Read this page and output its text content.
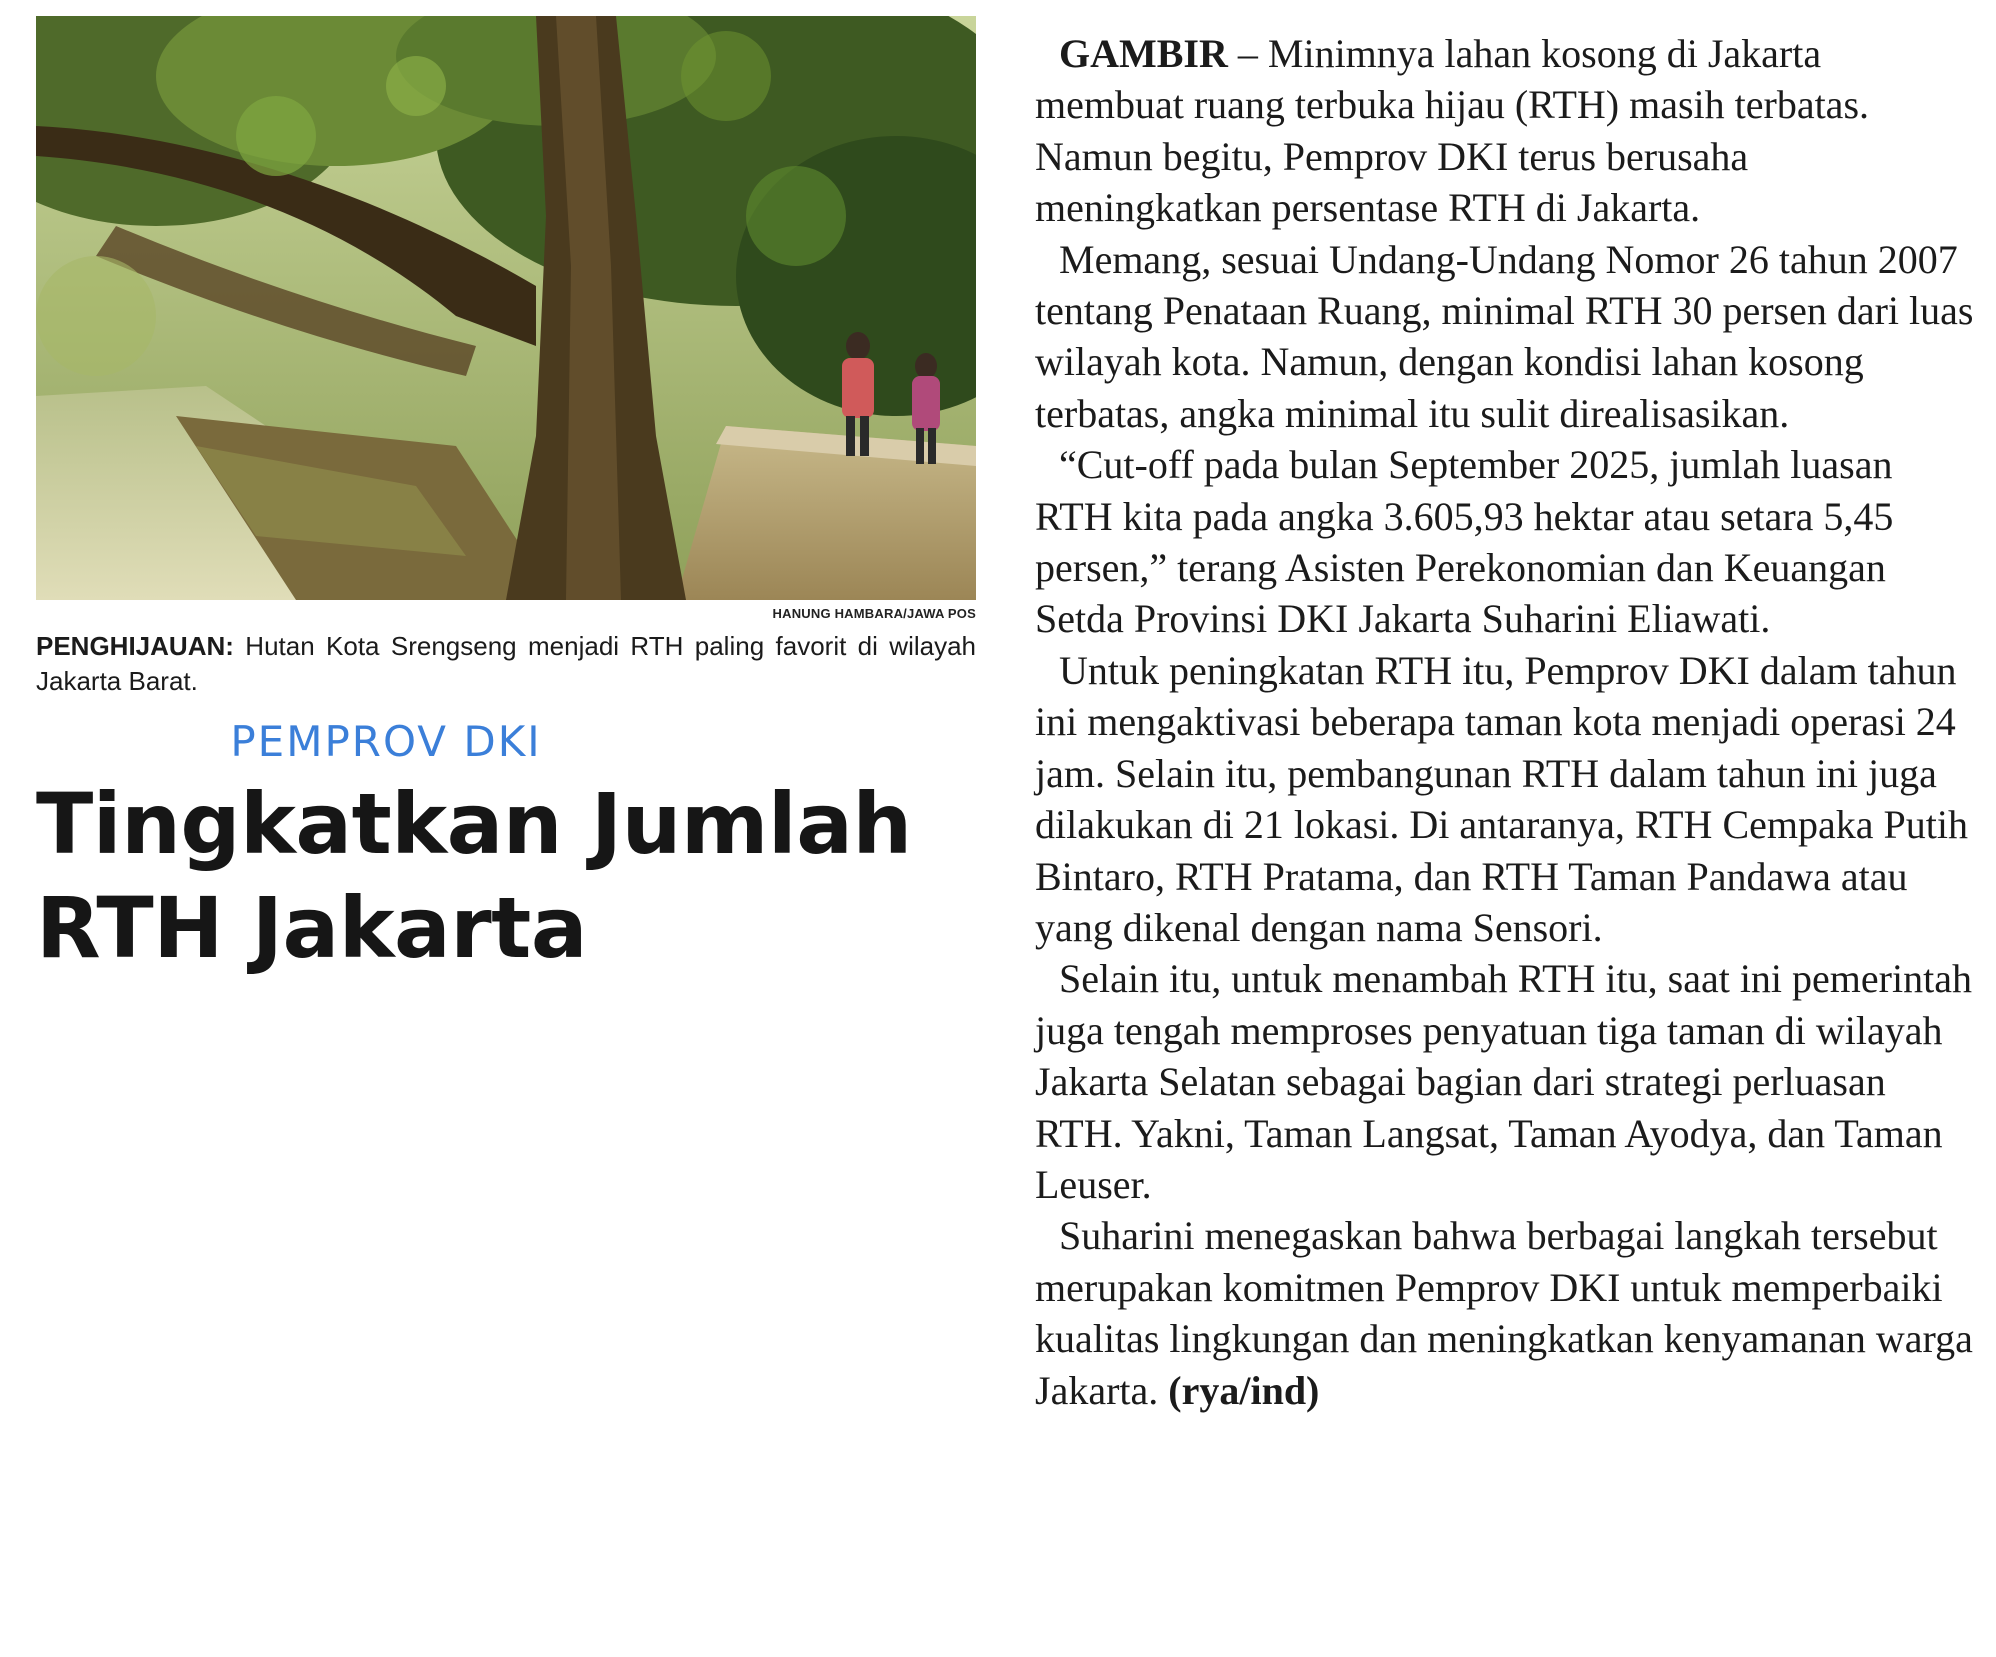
HANUNG HAMBARA/JAWA POS
PENGHIJAUAN: Hutan Kota Srengseng menjadi RTH paling favorit di wilayah Jakarta Barat.
PEMPROV DKI
Tingkatkan Jumlah
RTH Jakarta

GAMBIR – Minimnya lahan kosong di Jakarta membuat ruang terbuka hijau (RTH) masih terbatas. Namun begitu, Pemprov DKI terus berusaha meningkatkan persentase RTH di Jakarta.

Memang, sesuai Undang-Undang Nomor 26 tahun 2007 tentang Penataan Ruang, minimal RTH 30 persen dari luas wilayah kota. Namun, dengan kondisi lahan kosong terbatas, angka minimal itu sulit direalisasikan.

“Cut-off pada bulan September 2025, jumlah luasan RTH kita pada angka 3.605,93 hektar atau setara 5,45 persen,” terang Asisten Perekonomian dan Keuangan Setda Provinsi DKI Jakarta Suharini Eliawati.

Untuk peningkatan RTH itu, Pemprov DKI dalam tahun ini mengaktivasi beberapa taman kota menjadi operasi 24 jam. Selain itu, pembangunan RTH dalam tahun ini juga dilakukan di 21 lokasi. Di antaranya, RTH Cempaka Putih Bintaro, RTH Pratama, dan RTH Taman Pandawa atau yang dikenal dengan nama Sensori.

Selain itu, untuk menambah RTH itu, saat ini pemerintah juga tengah memproses penyatuan tiga taman di wilayah Jakarta Selatan sebagai bagian dari strategi perluasan RTH. Yakni, Taman Langsat, Taman Ayodya, dan Taman Leuser.

Suharini menegaskan bahwa berbagai langkah tersebut merupakan komitmen Pemprov DKI untuk memperbaiki kualitas lingkungan dan meningkatkan kenyamanan warga Jakarta. (rya/ind)
